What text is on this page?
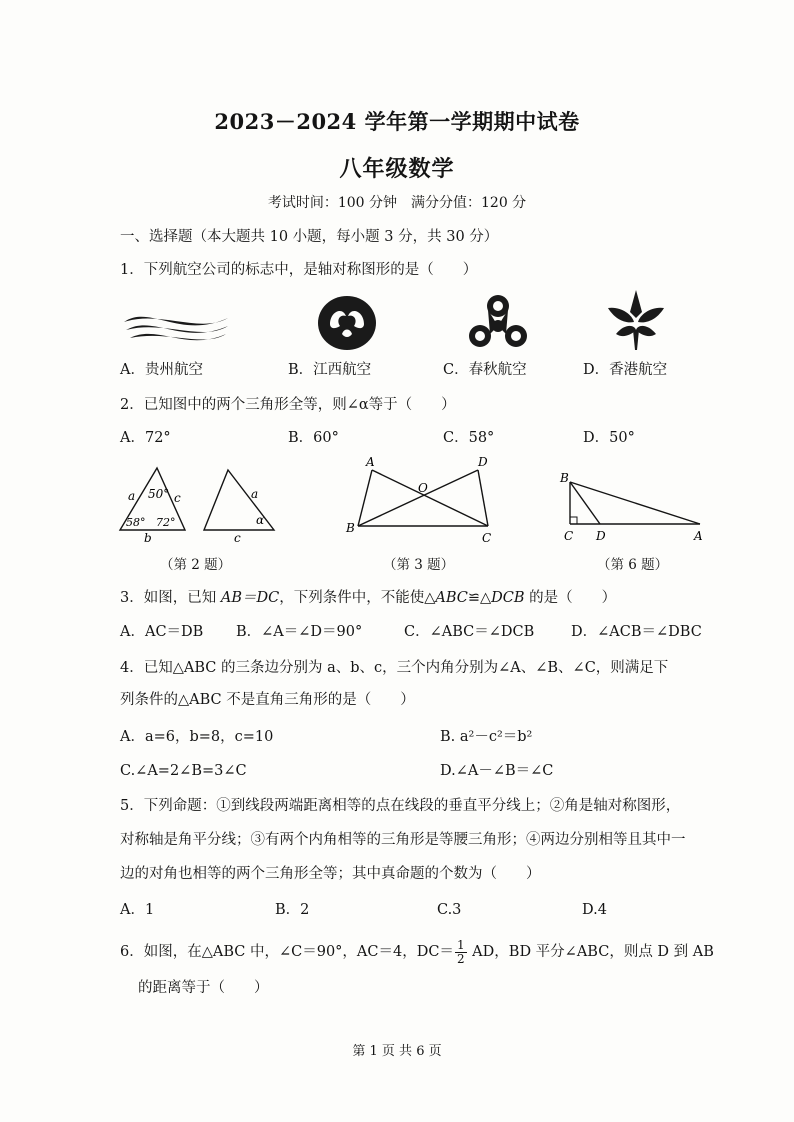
2023－2024 学年第一学期期中试卷
八年级数学
考试时间：100 分钟　满分分值：120 分
一、选择题（本大题共 10 小题，每小题 3 分，共 30 分）
1．下列航空公司的标志中，是轴对称图形的是（　　）
A．贵州航空	B．江西航空	C．春秋航空	D．香港航空
2．已知图中的两个三角形全等，则∠α等于（　　）
A．72°	B．60°	C．58°	D．50°
50°
58° 72°
a	c
b
a
α
c
（第 2 题）
A	D
O
B
C
（第 3 题）
B
C D	A
（第 6 题）
3．如图，已知 AB＝DC，下列条件中，不能使△ABC≌△DCB 的是（　　）
A．AC＝DB B．∠A＝∠D＝90°	C．∠ABC＝∠DCB	D．∠ACB＝∠DBC
4．已知△ABC 的三条边分别为 a、b、c，三个内角分别为∠A、∠B、∠C，则满足下
列条件的△ABC 不是直角三角形的是（　　）
A．a=6，b=8，c=10	B. a²－c²＝b²
C.∠A=2∠B=3∠C	D.∠A－∠B＝∠C
5．下列命题：①到线段两端距离相等的点在线段的垂直平分线上；②角是轴对称图形，
对称轴是角平分线；③有两个内角相等的三角形是等腰三角形；④两边分别相等且其中一
边的对角也相等的两个三角形全等；其中真命题的个数为（　　）
A．1	B．2	C.3	D.4
6．如图，在△ABC 中，∠C＝90°，AC＝4，$DC= \frac{1}{2}$ AD，BD 平分∠ABC，则点 D 到 AB
的距离等于（　　）
第 1 页 共 6 页
